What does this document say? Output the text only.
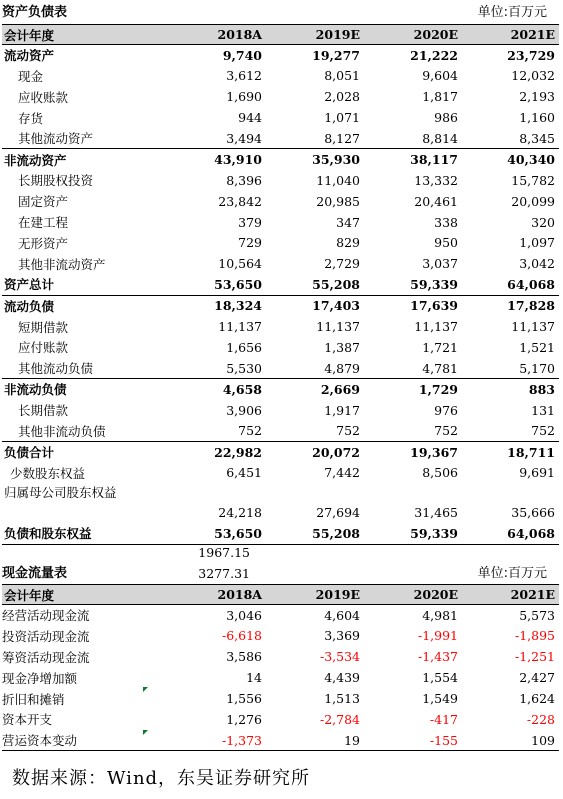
资产负债表	单位:百万元
会计年度	2018A	2019E	2020E	2021E
流动资产	9,740	19,277	21,222	23,729
现金	3,612	8,051	9,604	12,032
应收账款	1,690	2,028	1,817	2,193
存货	944	1,071	986	1,160
其他流动资产	3,494	8,127	8,814	8,345
非流动资产	43,910	35,930	38,117	40,340
长期股权投资	8,396	11,040	13,332	15,782
固定资产	23,842	20,985	20,461	20,099
在建工程	379	347	338	320
无形资产	729	829	950	1,097
其他非流动资产	10,564	2,729	3,037	3,042
资产总计	53,650	55,208	59,339	64,068
流动负债	18,324	17,403	17,639	17,828
短期借款	11,137	11,137	11,137	11,137
应付账款	1,656	1,387	1,721	1,521
其他流动负债	5,530	4,879	4,781	5,170
非流动负债	4,658	2,669	1,729	883
长期借款	3,906	1,917	976	131
其他非流动负债	752	752	752	752
负债合计	22,982	20,072	19,367	18,711
少数股东权益	6,451	7,442	8,506	9,691
归属母公司股东权益	24,218	27,694	31,465	35,666
负债和股东权益	53,650	55,208	59,339	64,068
1967.15
3277.31
现金流量表	单位:百万元
会计年度	2018A	2019E	2020E	2021E
经营活动现金流	3,046	4,604	4,981	5,573
投资活动现金流	-6,618	3,369	-1,991	-1,895
筹资活动现金流	3,586	-3,534	-1,437	-1,251
现金净增加额	14	4,439	1,554	2,427
折旧和摊销	1,556	1,513	1,549	1,624
资本开支	1,276	-2,784	-417	-228
营运资本变动	-1,373	19	-155	109
数据来源：Wind，东吴证券研究所
